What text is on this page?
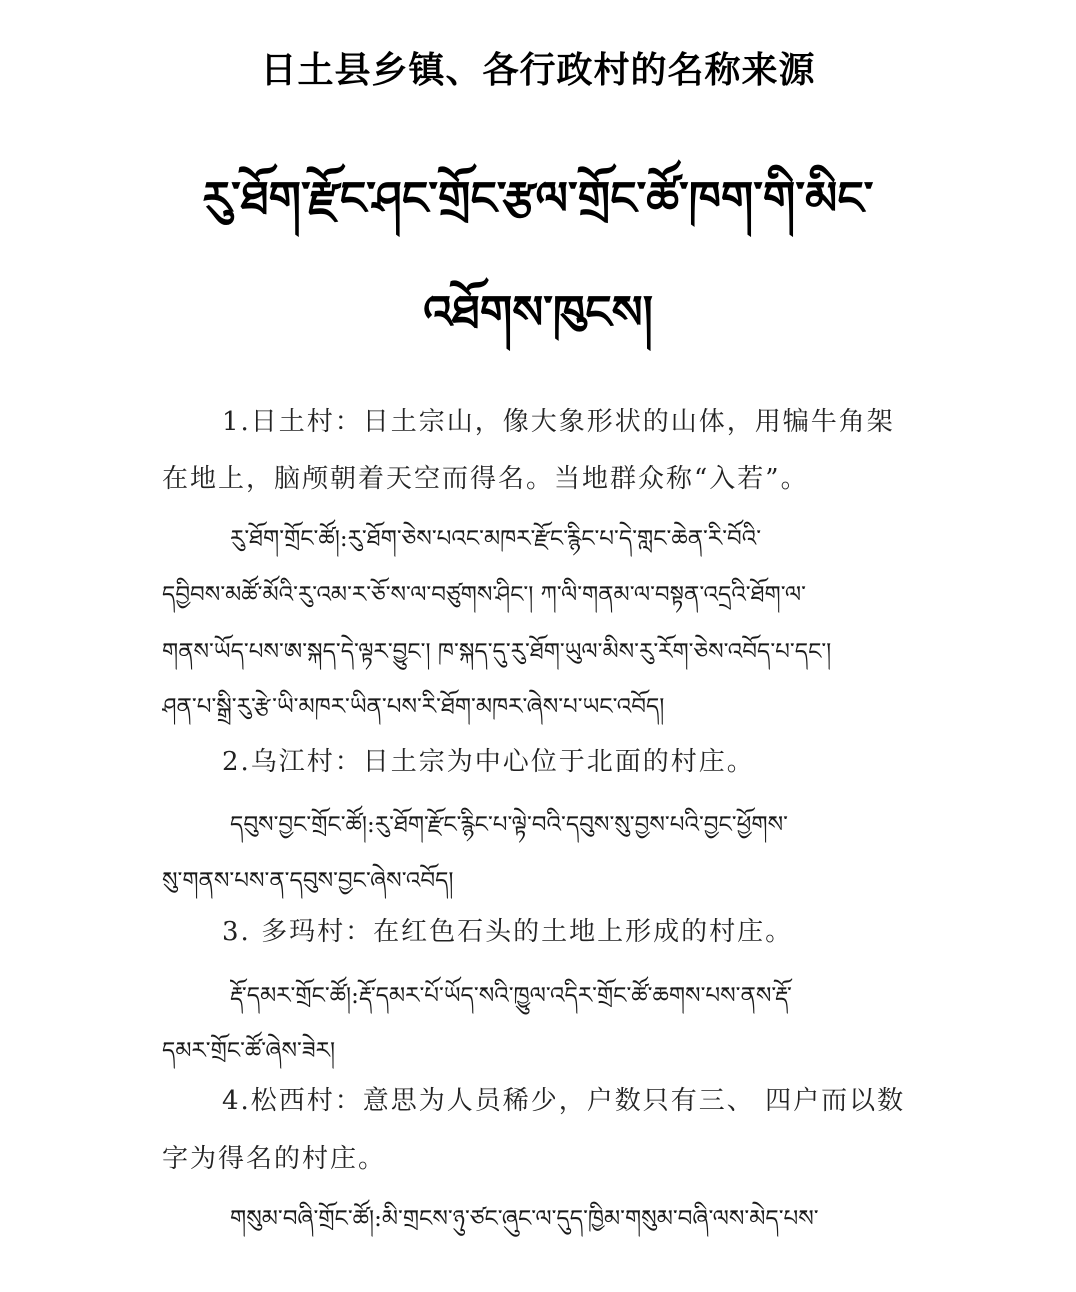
日土县乡镇、各行政村的名称来源
རུ་ཐོག་རྫོང་ཤང་གྲོང་རྩལ་གྲོང་ཚོ་ཁག་གི་མིང་
འཐོགས་ཁུངས།
1.日土村：日土宗山，像大象形状的山体，用犏牛角架
在地上，脑颅朝着天空而得名。当地群众称“入若”。
རུ་ཐོག་གྲོང་ཚོ།:རུ་ཐོག་ཅེས་པའང་མཁར་རྫོང་རྙིང་པ་དེ་གླང་ཆེན་རི་བོའི་
དབྱིབས་མཚོ་མོའི་རུ་འམ་ར་ཅོ་ས་ལ་བཙུགས་ཤིང་། ཀ་ལི་གནམ་ལ་བསྟན་འདྲའི་ཐོག་ལ་
གནས་ཡོད་པས་ཨ་སྐད་དེ་ལྟར་བྱུང་། ཁ་སྐད་དུ་རུ་ཐོག་ཡུལ་མིས་རུ་རོག་ཅེས་འབོད་པ་དང་།
ཤན་པ་སྒྲི་རུ་རྩེ་ཡི་མཁར་ཡིན་པས་རི་ཐོག་མཁར་ཞེས་པ་ཡང་འབོད།
2.乌江村：日土宗为中心位于北面的村庄。
དབུས་བྱང་གྲོང་ཚོ།:རུ་ཐོག་རྫོང་རྙིང་པ་ལྟེ་བའི་དབུས་སུ་བྱས་པའི་བྱང་ཕྱོགས་
སུ་གནས་པས་ན་དབུས་བྱང་ཞེས་འབོད།
3. 多玛村：在红色石头的土地上形成的村庄。
རྡོ་དམར་གྲོང་ཚོ།:རྡོ་དམར་པོ་ཡོད་སའི་ཁྱུལ་འདིར་གྲོང་ཚོ་ཆགས་པས་ནས་རྡོ་
དམར་གྲོང་ཚོ་ཞེས་ཟེར།
4.松西村：意思为人员稀少，户数只有三、 四户而以数
字为得名的村庄。
གསུམ་བཞི་གྲོང་ཚོ།:མི་གྲངས་ཉུ་ཙང་ཞུང་ལ་དུད་ཁྱིམ་གསུམ་བཞི་ལས་མེད་པས་
